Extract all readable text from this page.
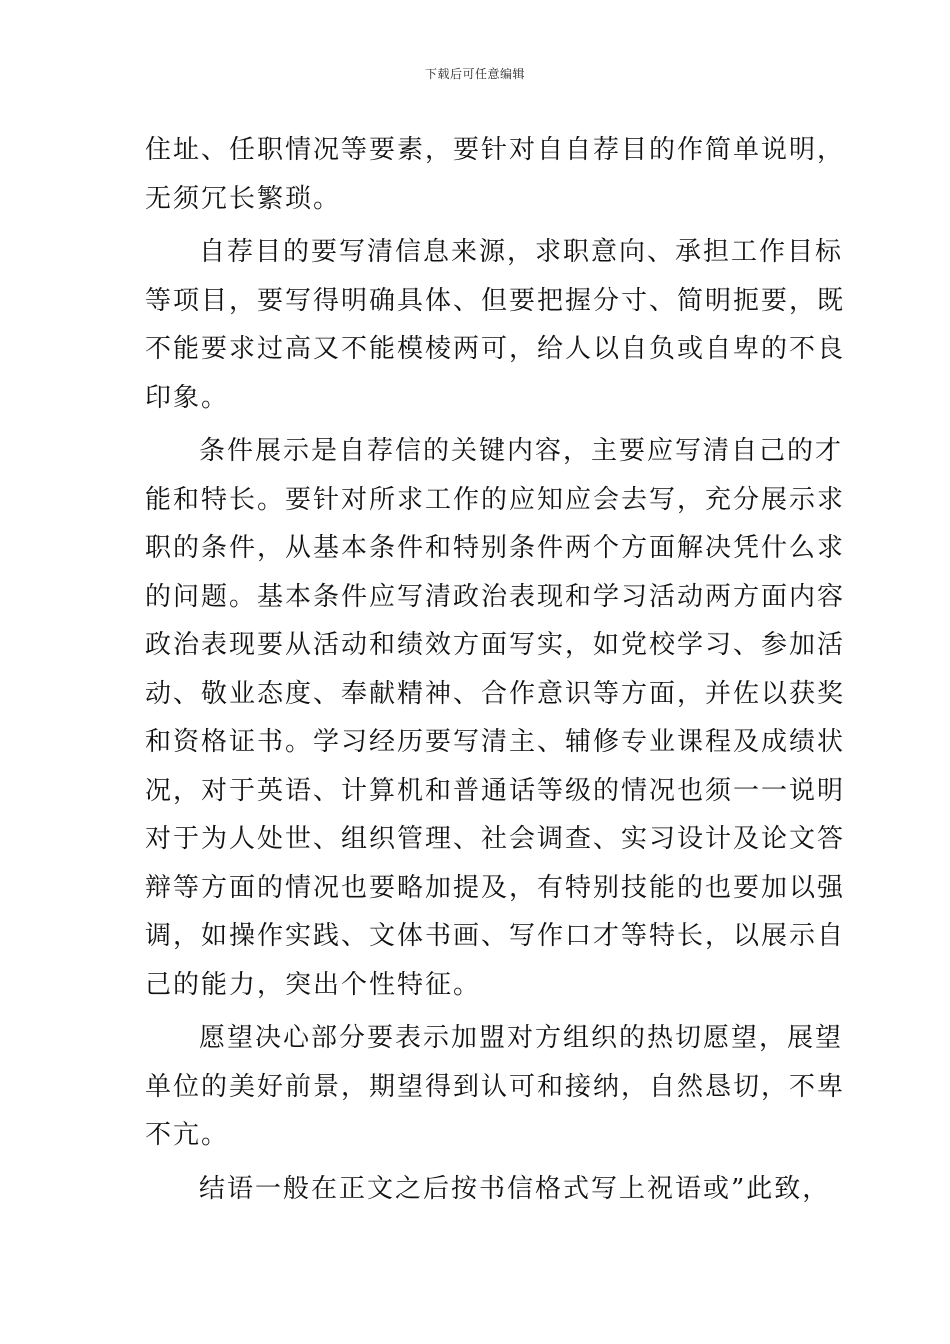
下载后可任意编辑
住址、任职情况等要素，要针对自自荐目的作简单说明，
无须冗长繁琐。
自荐目的要写清信息来源，求职意向、承担工作目标
等项目，要写得明确具体、但要把握分寸、简明扼要，既
不能要求过高又不能模棱两可，给人以自负或自卑的不良
印象。
条件展示是自荐信的关键内容，主要应写清自己的才
能和特长。要针对所求工作的应知应会去写，充分展示求
职的条件，从基本条件和特别条件两个方面解决凭什么求
的问题。基本条件应写清政治表现和学习活动两方面内容
政治表现要从活动和绩效方面写实，如党校学习、参加活
动、敬业态度、奉献精神、合作意识等方面，并佐以获奖
和资格证书。学习经历要写清主、辅修专业课程及成绩状
况，对于英语、计算机和普通话等级的情况也须一一说明
对于为人处世、组织管理、社会调查、实习设计及论文答
辩等方面的情况也要略加提及，有特别技能的也要加以强
调，如操作实践、文体书画、写作口才等特长，以展示自
己的能力，突出个性特征。
愿望决心部分要表示加盟对方组织的热切愿望，展望
单位的美好前景，期望得到认可和接纳，自然恳切，不卑
不亢。
结语一般在正文之后按书信格式写上祝语或”此致，
